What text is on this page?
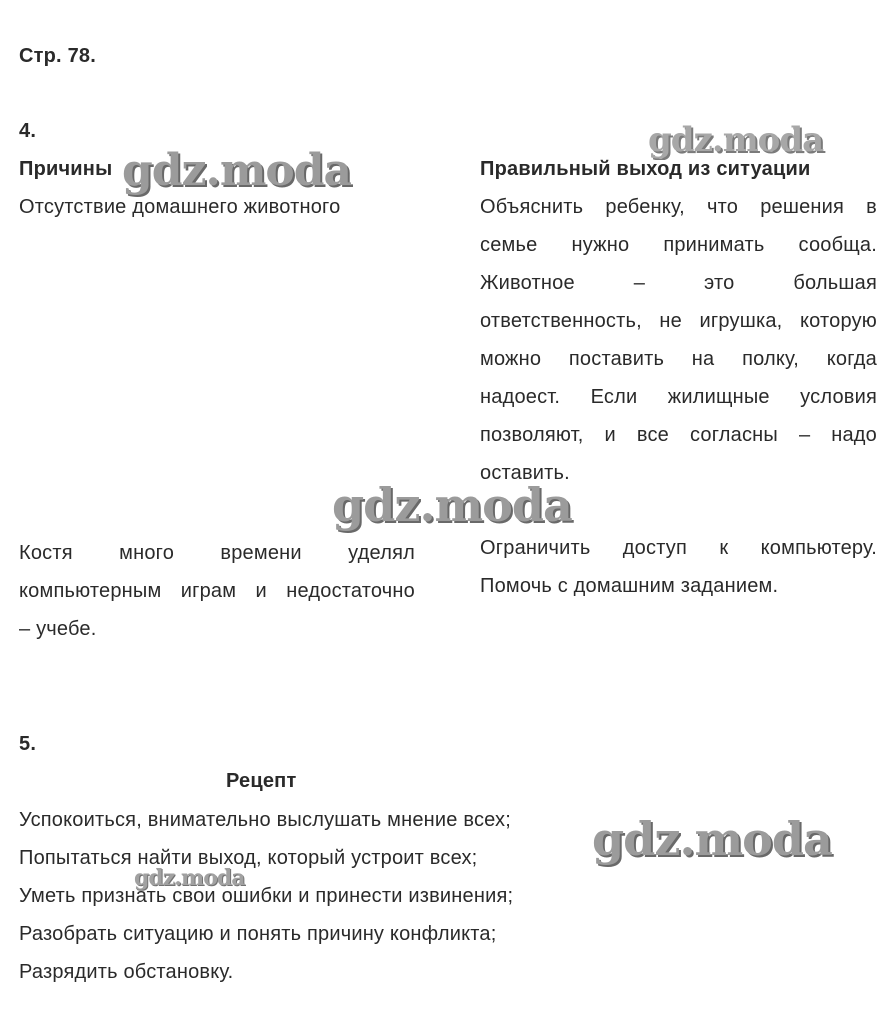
Стр. 78.
4.
Причины	Правильный выход из ситуации
Отсутствие домашнего животного	Объяснить ребенку, что решения в
семье нужно принимать сообща.
Животное – это большая
ответственность, не игрушка, которую
можно поставить на полку, когда
надоест. Если жилищные условия
позволяют, и все согласны – надо
оставить.
Костя много времени уделял
компьютерным играм и недостаточно
– учебе.
Ограничить доступ к компьютеру.
Помочь с домашним заданием.
5.
Рецепт
Успокоиться, внимательно выслушать мнение всех;
Попытаться найти выход, который устроит всех;
Уметь признать свои ошибки и принести извинения;
Разобрать ситуацию и понять причину конфликта;
Разрядить обстановку.
gdz.moda
gdz.moda
gdz.moda
gdz.moda
gdz.moda
